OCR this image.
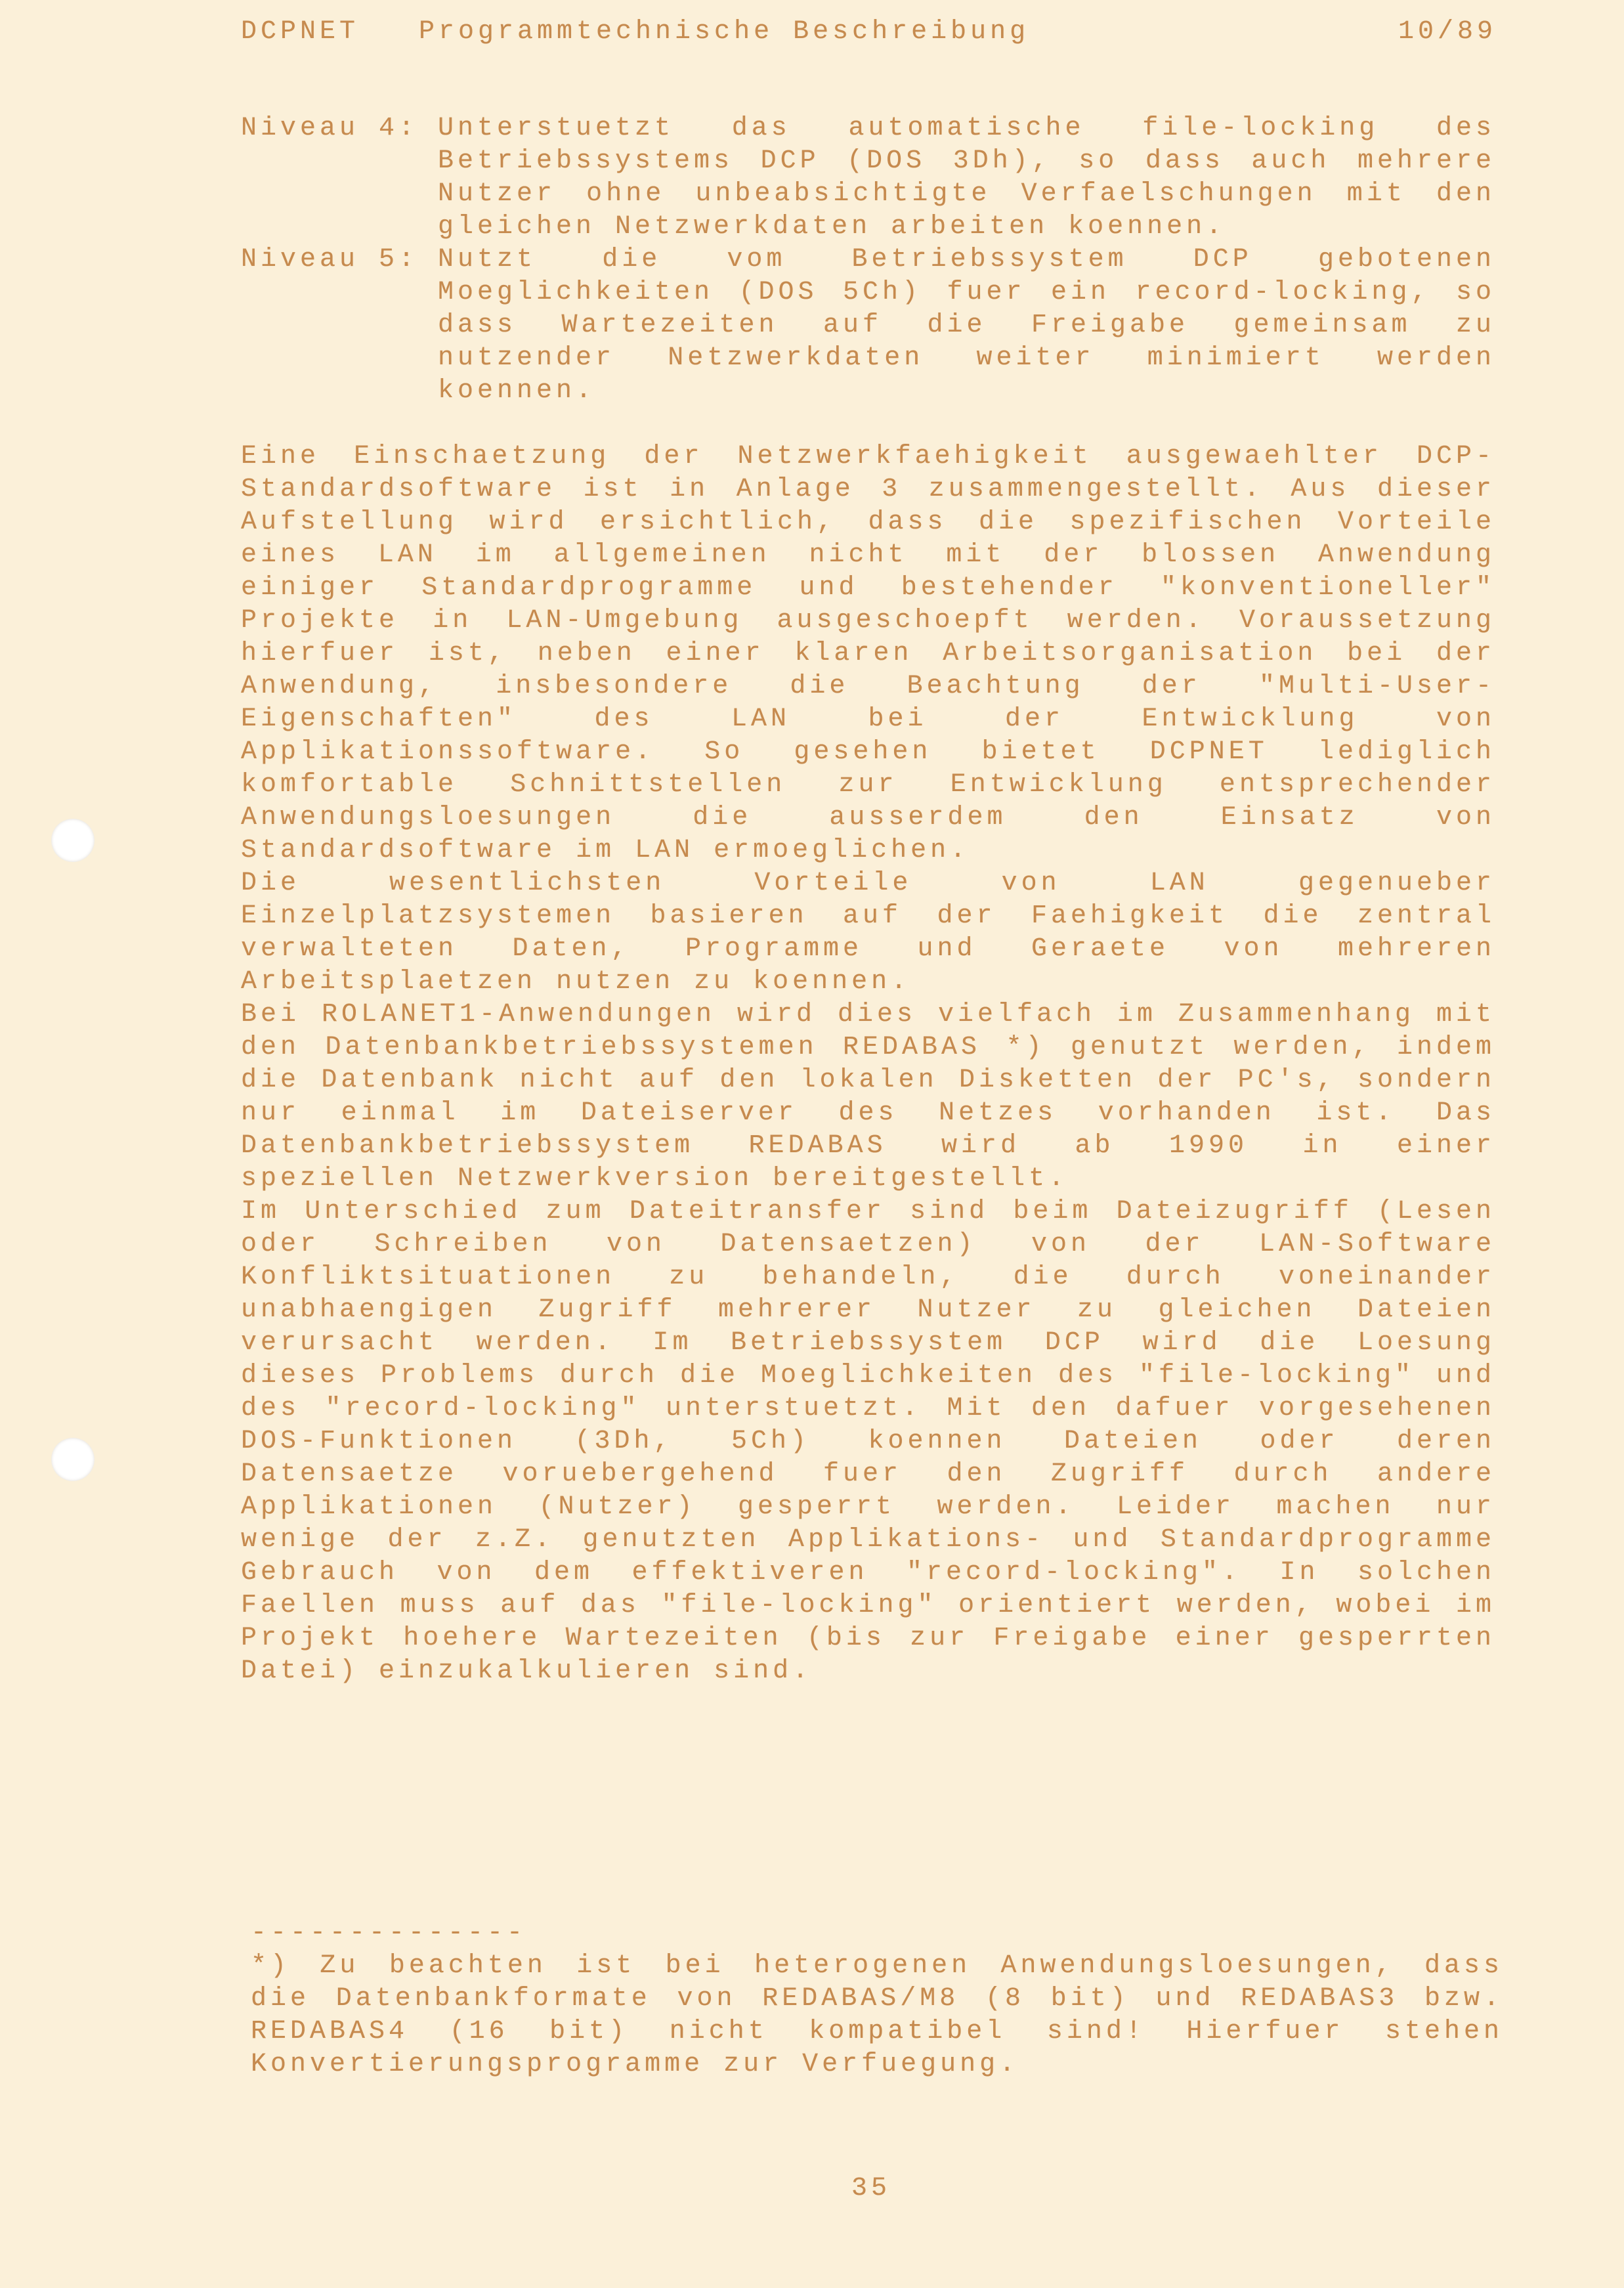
DCPNET Programmtechnische Beschreibung	10/89
Niveau 4: Unterstuetzt das automatische file-locking des
Betriebssystems DCP (DOS 3Dh), so dass auch mehrere
Nutzer ohne unbeabsichtigte Verfaelschungen mit den
gleichen Netzwerkdaten arbeiten koennen.
Niveau 5: Nutzt die vom Betriebssystem DCP gebotenen
Moeglichkeiten (DOS 5Ch) fuer ein record-locking, so
dass Wartezeiten auf die Freigabe gemeinsam zu
nutzender Netzwerkdaten weiter minimiert werden
koennen.
Eine Einschaetzung der Netzwerkfaehigkeit ausgewaehlter DCP-
Standardsoftware ist in Anlage 3 zusammengestellt. Aus dieser
Aufstellung wird ersichtlich, dass die spezifischen Vorteile
eines LAN im allgemeinen nicht mit der blossen Anwendung
einiger Standardprogramme und bestehender "konventioneller"
Projekte in LAN-Umgebung ausgeschoepft werden. Voraussetzung
hierfuer ist, neben einer klaren Arbeitsorganisation bei der
Anwendung, insbesondere die Beachtung der "Multi-User-
Eigenschaften" des LAN bei der Entwicklung von
Applikationssoftware. So gesehen bietet DCPNET lediglich
komfortable Schnittstellen zur Entwicklung entsprechender
Anwendungsloesungen die ausserdem den Einsatz von
Standardsoftware im LAN ermoeglichen.
Die wesentlichsten Vorteile von LAN gegenueber
Einzelplatzsystemen basieren auf der Faehigkeit die zentral
verwalteten Daten, Programme und Geraete von mehreren
Arbeitsplaetzen nutzen zu koennen.
Bei ROLANET1-Anwendungen wird dies vielfach im Zusammenhang mit
den Datenbankbetriebssystemen REDABAS *) genutzt werden, indem
die Datenbank nicht auf den lokalen Disketten der PC's, sondern
nur einmal im Dateiserver des Netzes vorhanden ist. Das
Datenbankbetriebssystem REDABAS wird ab 1990 in einer
speziellen Netzwerkversion bereitgestellt.
Im Unterschied zum Dateitransfer sind beim Dateizugriff (Lesen
oder Schreiben von Datensaetzen) von der LAN-Software
Konfliktsituationen zu behandeln, die durch voneinander
unabhaengigen Zugriff mehrerer Nutzer zu gleichen Dateien
verursacht werden. Im Betriebssystem DCP wird die Loesung
dieses Problems durch die Moeglichkeiten des "file-locking" und
des "record-locking" unterstuetzt. Mit den dafuer vorgesehenen
DOS-Funktionen (3Dh, 5Ch) koennen Dateien oder deren
Datensaetze voruebergehend fuer den Zugriff durch andere
Applikationen (Nutzer) gesperrt werden. Leider machen nur
wenige der z.Z. genutzten Applikations- und Standardprogramme
Gebrauch von dem effektiveren "record-locking". In solchen
Faellen muss auf das "file-locking" orientiert werden, wobei im
Projekt hoehere Wartezeiten (bis zur Freigabe einer gesperrten
Datei) einzukalkulieren sind.
--------------
*) Zu beachten ist bei heterogenen Anwendungsloesungen, dass
die Datenbankformate von REDABAS/M8 (8 bit) und REDABAS3 bzw.
REDABAS4 (16 bit) nicht kompatibel sind! Hierfuer stehen
Konvertierungsprogramme zur Verfuegung.
35
